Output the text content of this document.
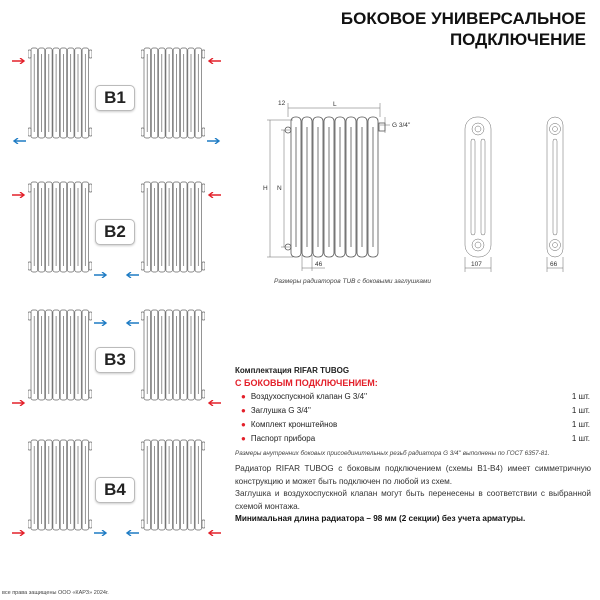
БОКОВОЕ УНИВЕРСАЛЬНОЕ
ПОДКЛЮЧЕНИЕ
B1
B2
B3
B4
12	L
H N
G 3/4''
46	107	66
Размеры радиаторов TUB с боковыми заглушками
Комплектация RIFAR TUBOG
С БОКОВЫМ ПОДКЛЮЧЕНИЕМ:
● Воздухоспускной клапан G 3/4''	1 шт.
● Заглушка G 3/4''	1 шт.
● Комплект кронштейнов	1 шт.
● Паспорт прибора	1 шт.
Размеры внутренних боковых присоединительных резьб радиатора G 3/4'' выполнены по ГОСТ 6357-81.

Радиатор RIFAR TUBOG с боковым подключением (схемы В1-В4) имеет симметричную конструкцию и может быть подключен по любой из схем.

Заглушка и воздухоспускной клапан могут быть перенесены в соответствии с выбранной схемой монтажа.

Минимальная длина радиатора – 98 мм (2 секции) без учета арматуры.

все права защищены ООО «КАРЗ» 2024г.
